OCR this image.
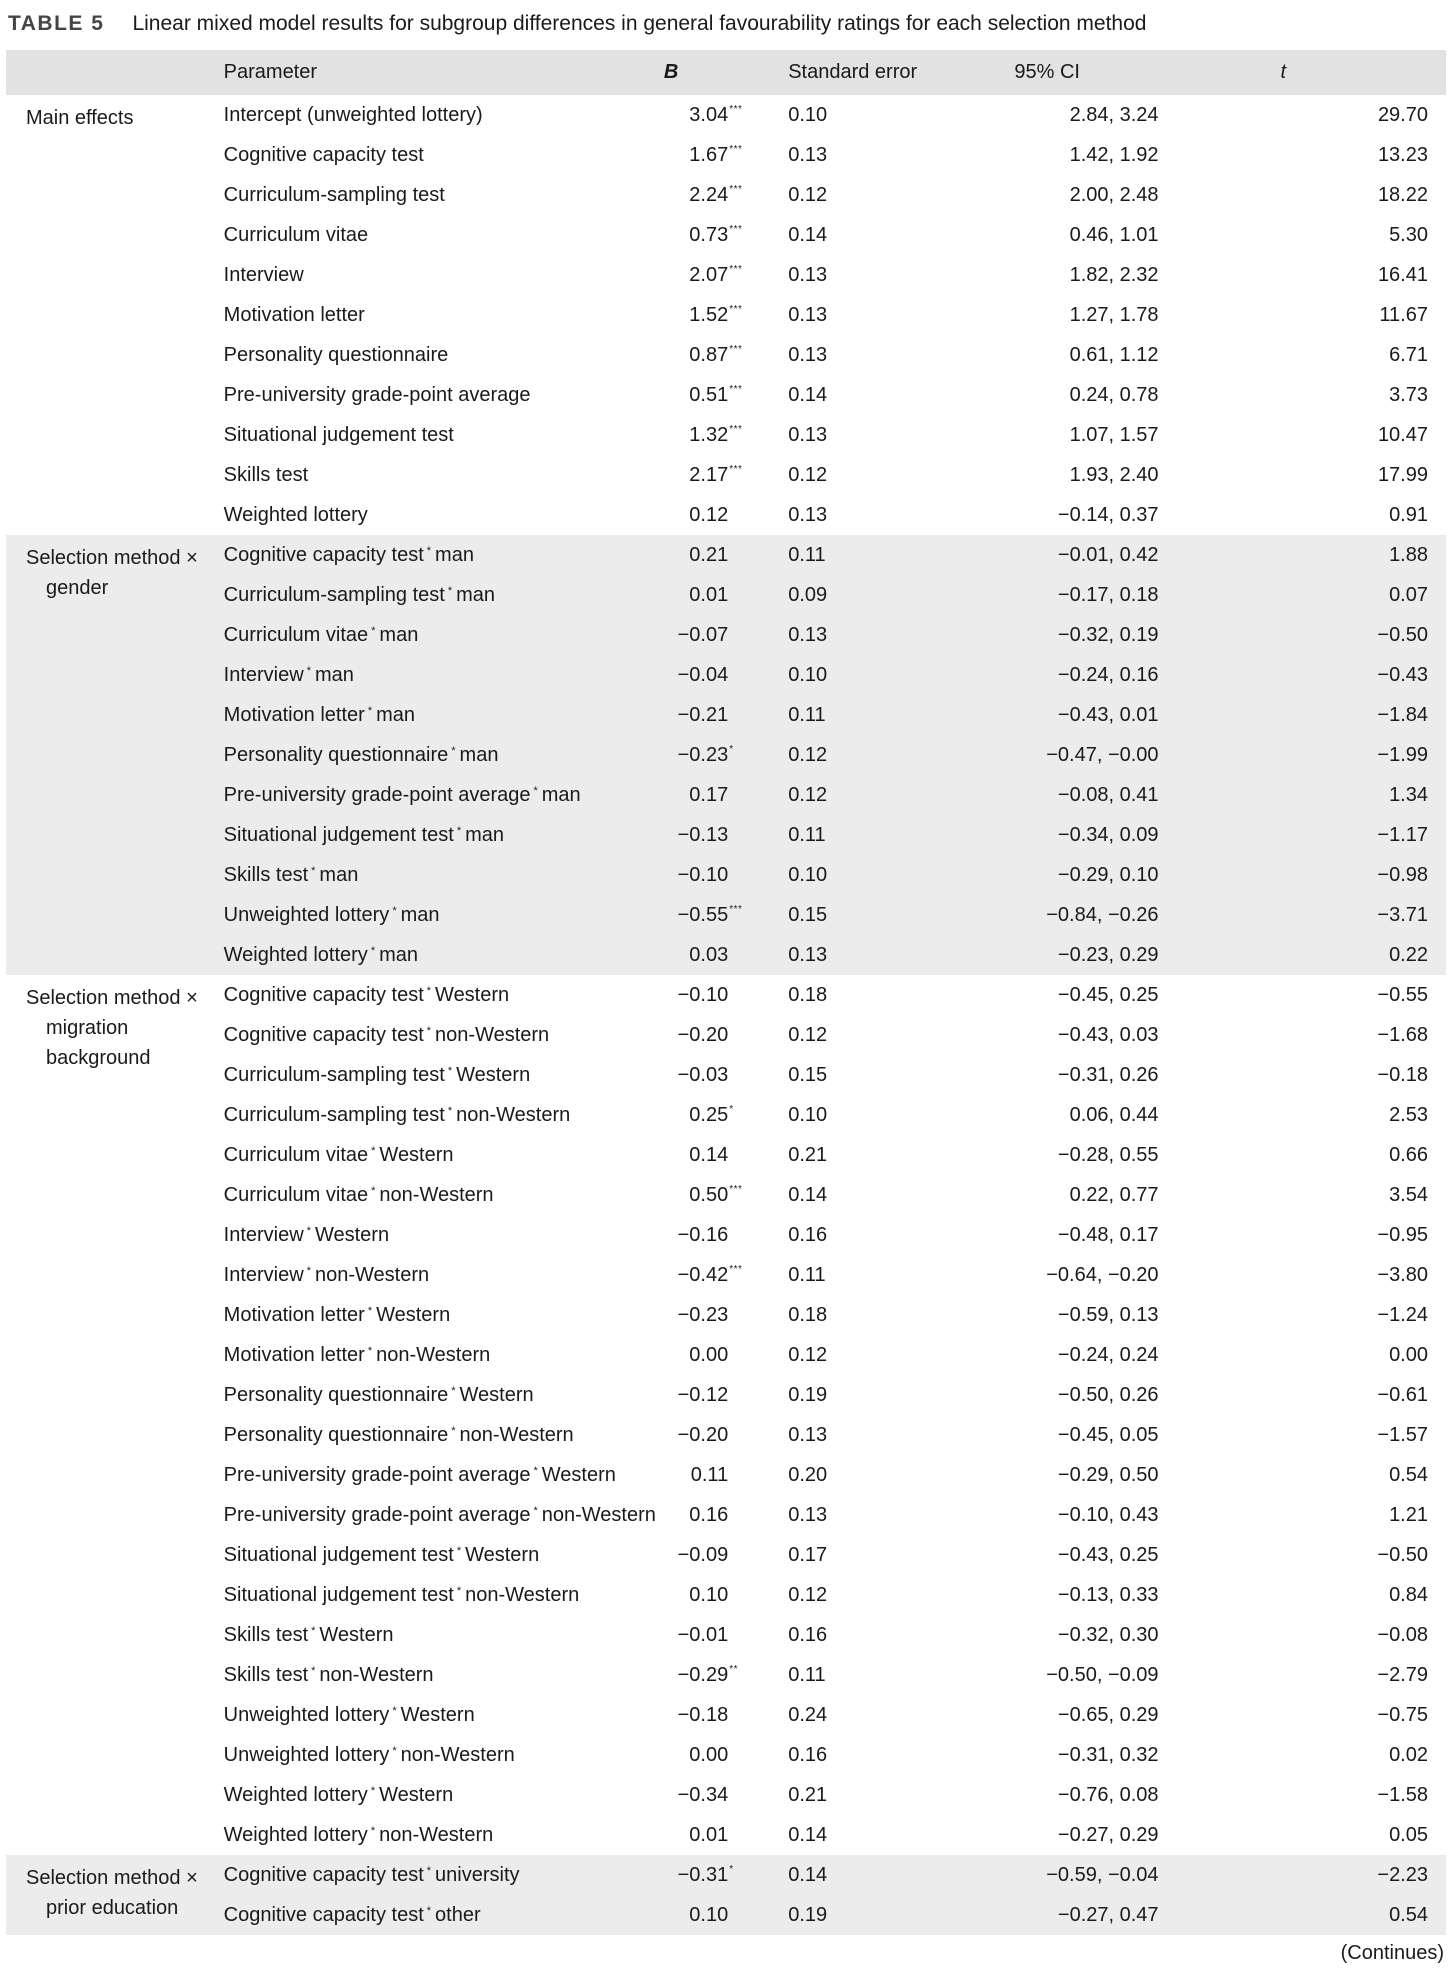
TABLE 5 Linear mixed model results for subgroup differences in general favourability ratings for each selection method
	Parameter	B	Standard error	95% CI	t

Main effects	Intercept (unweighted lottery)	3.04 ***	0.10	2.84, 3.24	29.70
	Cognitive capacity test	1.67 ***	0.13	1.42, 1.92	13.23
	Curriculum-sampling test	2.24 ***	0.12	2.00, 2.48	18.22
	Curriculum vitae	0.73 ***	0.14	0.46, 1.01	5.30
	Interview	2.07 ***	0.13	1.82, 2.32	16.41
	Motivation letter	1.52 ***	0.13	1.27, 1.78	11.67
	Personality questionnaire	0.87 ***	0.13	0.61, 1.12	6.71
	Pre-university grade-point average	0.51 ***	0.14	0.24, 0.78	3.73
	Situational judgement test	1.32 ***	0.13	1.07, 1.57	10.47
	Skills test	2.17 ***	0.12	1.93, 2.40	17.99
	Weighted lottery	0.12	0.13	−0.14, 0.37	0.91

Selection method ×
gender	Cognitive capacity test * man	0.21	0.11	−0.01, 0.42	1.88
	Curriculum-sampling test * man	0.01	0.09	−0.17, 0.18	0.07
	Curriculum vitae * man	−0.07	0.13	−0.32, 0.19	−0.50
	Interview * man	−0.04	0.10	−0.24, 0.16	−0.43
	Motivation letter * man	−0.21	0.11	−0.43, 0.01	−1.84
	Personality questionnaire * man	−0.23 *	0.12	−0.47, −0.00	−1.99
	Pre-university grade-point average * man	0.17	0.12	−0.08, 0.41	1.34
	Situational judgement test * man	−0.13	0.11	−0.34, 0.09	−1.17
	Skills test * man	−0.10	0.10	−0.29, 0.10	−0.98
	Unweighted lottery * man	−0.55 ***	0.15	−0.84, −0.26	−3.71
	Weighted lottery * man	0.03	0.13	−0.23, 0.29	0.22

Selection method ×
migration
background	Cognitive capacity test * Western	−0.10	0.18	−0.45, 0.25	−0.55
	Cognitive capacity test * non-Western	−0.20	0.12	−0.43, 0.03	−1.68
	Curriculum-sampling test * Western	−0.03	0.15	−0.31, 0.26	−0.18
	Curriculum-sampling test * non-Western	0.25 *	0.10	0.06, 0.44	2.53
	Curriculum vitae * Western	0.14	0.21	−0.28, 0.55	0.66
	Curriculum vitae * non-Western	0.50 ***	0.14	0.22, 0.77	3.54
	Interview * Western	−0.16	0.16	−0.48, 0.17	−0.95
	Interview * non-Western	−0.42 ***	0.11	−0.64, −0.20	−3.80
	Motivation letter * Western	−0.23	0.18	−0.59, 0.13	−1.24
	Motivation letter * non-Western	0.00	0.12	−0.24, 0.24	0.00
	Personality questionnaire * Western	−0.12	0.19	−0.50, 0.26	−0.61
	Personality questionnaire * non-Western	−0.20	0.13	−0.45, 0.05	−1.57
	Pre-university grade-point average * Western	0.11	0.20	−0.29, 0.50	0.54
	Pre-university grade-point average * non-Western	0.16	0.13	−0.10, 0.43	1.21
	Situational judgement test * Western	−0.09	0.17	−0.43, 0.25	−0.50
	Situational judgement test * non-Western	0.10	0.12	−0.13, 0.33	0.84
	Skills test * Western	−0.01	0.16	−0.32, 0.30	−0.08
	Skills test * non-Western	−0.29 **	0.11	−0.50, −0.09	−2.79
	Unweighted lottery * Western	−0.18	0.24	−0.65, 0.29	−0.75
	Unweighted lottery * non-Western	0.00	0.16	−0.31, 0.32	0.02
	Weighted lottery * Western	−0.34	0.21	−0.76, 0.08	−1.58
	Weighted lottery * non-Western	0.01	0.14	−0.27, 0.29	0.05

Selection method ×
prior education	Cognitive capacity test * university	−0.31 *	0.14	−0.59, −0.04	−2.23
	Cognitive capacity test * other	0.10	0.19	−0.27, 0.47	0.54
(Continues)
